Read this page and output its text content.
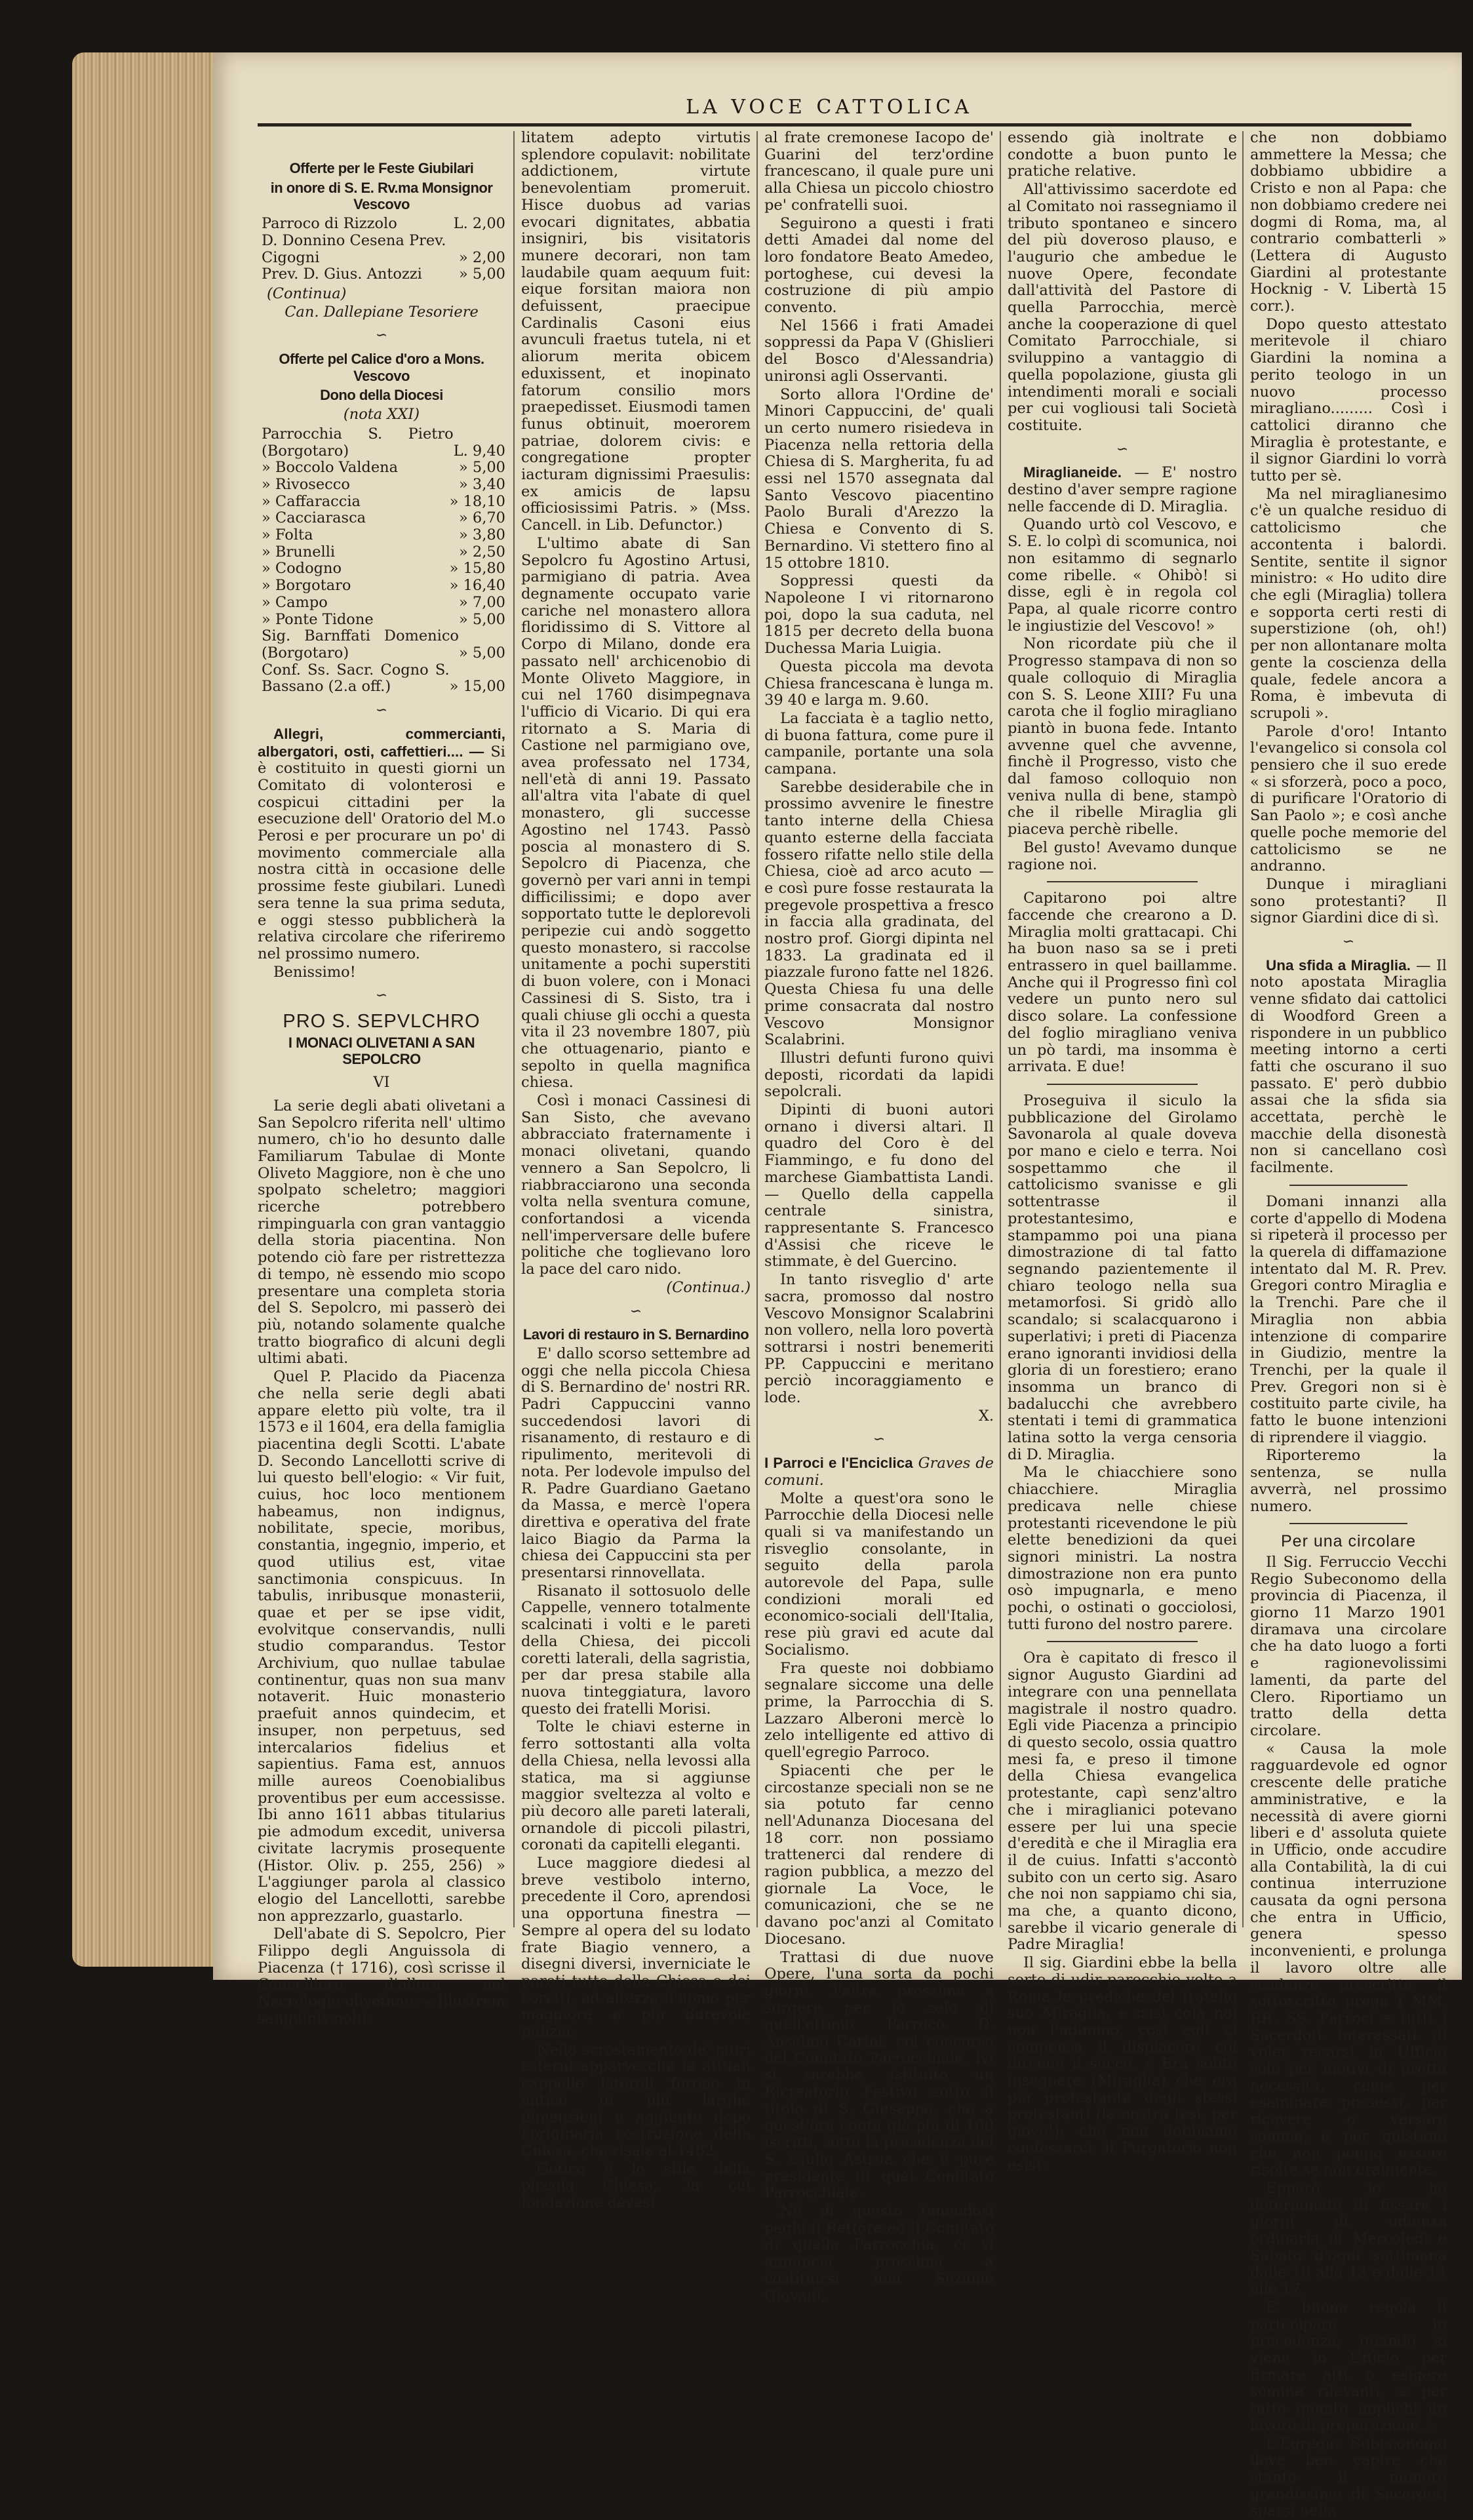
LA VOCE CATTOLICA
Offerte per le Feste Giubilari
in onore di S. E. Rv.ma Monsignor Vescovo
Parroco di Rizzolo	L. 2,00
D. Donnino Cesena Prev.
Cigogni	» 2,00
Prev. D. Gius. Antozzi » 5,00
(Continua)
Can. Dallepiane Tesoriere
∽
Offerte pel Calice d'oro a Mons. Vescovo
Dono della Diocesi
(nota XXI)
Parrocchia S. Pietro (Borgotaro)	L. 9,40
» Boccolo Valdena	» 5,00
» Rivosecco	» 3,40
» Caffaraccia	» 18,10
» Cacciarasca	» 6,70
» Folta	» 3,80
» Brunelli	» 2,50
» Codogno	» 15,80
» Borgotaro	» 16,40
» Campo	» 7,00
» Ponte Tidone	» 5,00
Sig. Barnffati Domenico (Borgotaro)	» 5,00
Conf. Ss. Sacr. Cogno S. Bassano (2.a off.)	» 15,00
∽

Allegri, commercianti, albergatori, osti, caffettieri.... — Si è costituito in questi giorni un Comitato di volonterosi e cospicui cittadini per la esecuzione dell' Oratorio del M.o Perosi e per procurare un po' di movimento commerciale alla nostra città in occasione delle prossime feste giubilari. Lunedì sera tenne la sua prima seduta, e oggi stesso pubblicherà la relativa circolare che riferiremo nel prossimo numero.

Benissimo!

∽
PRO S. SEPVLCHRO
I MONACI OLIVETANI A SAN SEPOLCRO
VI

La serie degli abati olivetani a San Sepolcro riferita nell' ultimo numero, ch'io ho desunto dalle Familiarum Tabulae di Monte Oliveto Maggiore, non è che uno spolpato scheletro; maggiori ricerche potrebbero rimpinguarla con gran vantaggio della storia piacentina. Non potendo ciò fare per ristrettezza di tempo, nè essendo mio scopo presentare una completa storia del S. Sepolcro, mi passerò dei più, notando solamente qualche tratto biografico di alcuni degli ultimi abati.

Quel P. Placido da Piacenza che nella serie degli abati appare eletto più volte, tra il 1573 e il 1604, era della famiglia piacentina degli Scotti. L'abate D. Secondo Lancellotti scrive di lui questo bell'elogio: « Vir fuit, cuius, hoc loco mentionem habeamus, non indignus, nobilitate, specie, moribus, constantia, ingegnio, imperio, et quod utilius est, vitae sanctimonia conspicuus. In tabulis, inribusque monasterii, quae et per se ipse vidit, evolvitque conservandis, nulli studio comparandus. Testor Archivium, quo nullae tabulae continentur, quas non sua manv notaverit. Huic monasterio praefuit annos quindecim, et insuper, non perpetuus, sed intercalarios fidelius et sapientius. Fama est, annuos mille aureos Coenobialibus proventibus per eum accessisse. Ibi anno 1611 abbas titularius pie admodum excedit, universa civitate lacrymis prosequente (Histor. Oliv. p. 255, 256) » L'aggiunger parola al classico elogio del Lancellotti, sarebbe non apprezzarlo, guastarlo.

Dell'abate di S. Sepolcro, Pier Filippo degli Anguissola di Piacenza († 1716), così scrisse il Cancelliere d'allora nel Necrologio olivetano: « Illustrem sanguinis nobi-

litatem adepto virtutis splendore copulavit: nobilitate addictionem, virtute benevolentiam promeruit. Hisce duobus ad varias evocari dignitates, abbatia insigniri, bis visitatoris munere decorari, non tam laudabile quam aequum fuit: eique forsitan maiora non defuissent, praecipue Cardinalis Casoni eius avunculi fraetus tutela, ni et aliorum merita obicem eduxissent, et inopinato fatorum consilio mors praepedisset. Eiusmodi tamen funus obtinuit, moerorem patriae, dolorem civis: e congregatione propter iacturam dignissimi Praesulis: ex amicis de lapsu officiosissimi Patris. » (Mss. Cancell. in Lib. Defunctor.)

L'ultimo abate di San Sepolcro fu Agostino Artusi, parmigiano di patria. Avea degnamente occupato varie cariche nel monastero allora floridissimo di S. Vittore al Corpo di Milano, donde era passato nell' archicenobio di Monte Oliveto Maggiore, in cui nel 1760 disimpegnava l'ufficio di Vicario. Di qui era ritornato a S. Maria di Castione nel parmigiano ove, avea professato nel 1734, nell'età di anni 19. Passato all'altra vita l'abate di quel monastero, gli successe Agostino nel 1743. Passò poscia al monastero di S. Sepolcro di Piacenza, che governò per vari anni in tempi difficilissimi; e dopo aver sopportato tutte le deplorevoli peripezie cui andò soggetto questo monastero, si raccolse unitamente a pochi superstiti di buon volere, con i Monaci Cassinesi di S. Sisto, tra i quali chiuse gli occhi a questa vita il 23 novembre 1807, più che ottuagenario, pianto e sepolto in quella magnifica chiesa.

Così i monaci Cassinesi di San Sisto, che avevano abbracciato fraternamente i monaci olivetani, quando vennero a San Sepolcro, li riabbracciarono una seconda volta nella sventura comune, confortandosi a vicenda nell'imperversare delle bufere politiche che toglievano loro la pace del caro nido.

(Continua.)
∽
Lavori di restauro in S. Bernardino

E' dallo scorso settembre ad oggi che nella piccola Chiesa di S. Bernardino de' nostri RR. Padri Cappuccini vanno succedendosi lavori di risanamento, di restauro e di ripulimento, meritevoli di nota. Per lodevole impulso del R. Padre Guardiano Gaetano da Massa, e mercè l'opera direttiva e operativa del frate laico Biagio da Parma la chiesa dei Cappuccini sta per presentarsi rinnovellata.

Risanato il sottosuolo delle Cappelle, vennero totalmente scalcinati i volti e le pareti della Chiesa, dei piccoli coretti laterali, della sagristia, per dar presa stabile alla nuova tinteggiatura, lavoro questo dei fratelli Morisi.

Tolte le chiavi esterne in ferro sottostanti alla volta della Chiesa, nella levossi alla statica, ma si aggiunse maggior sveltezza al volto e più decoro alle pareti laterali, ornandole di piccoli pilastri, coronati da capitelli eleganti.

Luce maggiore diedesi al breve vestibolo interno, precedente il Coro, aprendosi una opportuna finestra — Sempre al opera del su lodato frate Biagio vennero, a disegni diversi, inverniciate le pareti tutte della Chiesa e dei coretti, ad altezza d'uomo per maggiore e più durevole pulizia.

Nello scrostamento de' muri esterni apparve che le attuali cappelle laterali furono in antico di più larghe dimensioni e aggiunte dopo l'originaria costruzione della Chiesa, che risale al 1462.

Gotico è lo stile della piccola Chiesa, la cui fondazione devesi

al frate cremonese Iacopo de' Guarini del terz'ordine francescano, il quale pure uni alla Chiesa un piccolo chiostro pe' confratelli suoi.

Seguirono a questi i frati detti Amadei dal nome del loro fondatore Beato Amedeo, portoghese, cui devesi la costruzione di più ampio convento.

Nel 1566 i frati Amadei soppressi da Papa V (Ghislieri del Bosco d'Alessandria) unironsi agli Osservanti.

Sorto allora l'Ordine de' Minori Cappuccini, de' quali un certo numero risiedeva in Piacenza nella rettoria della Chiesa di S. Margherita, fu ad essi nel 1570 assegnata dal Santo Vescovo piacentino Paolo Burali d'Arezzo la Chiesa e Convento di S. Bernardino. Vi stettero fino al 15 ottobre 1810.

Soppressi questi da Napoleone I vi ritornarono poi, dopo la sua caduta, nel 1815 per decreto della buona Duchessa Maria Luigia.

Questa piccola ma devota Chiesa francescana è lunga m. 39 40 e larga m. 9.60.

La facciata è a taglio netto, di buona fattura, come pure il campanile, portante una sola campana.

Sarebbe desiderabile che in prossimo avvenire le finestre tanto interne della Chiesa quanto esterne della facciata fossero rifatte nello stile della Chiesa, cioè ad arco acuto — e così pure fosse restaurata la pregevole prospettiva a fresco in faccia alla gradinata, del nostro prof. Giorgi dipinta nel 1833. La gradinata ed il piazzale furono fatte nel 1826. Questa Chiesa fu una delle prime consacrata dal nostro Vescovo Monsignor Scalabrini.

Illustri defunti furono quivi deposti, ricordati da lapidi sepolcrali.

Dipinti di buoni autori ornano i diversi altari. Il quadro del Coro è del Fiammingo, e fu dono del marchese Giambattista Landi. — Quello della cappella centrale sinistra, rappresentante S. Francesco d'Assisi che riceve le stimmate, è del Guercino.

In tanto risveglio d' arte sacra, promosso dal nostro Vescovo Monsignor Scalabrini non vollero, nella loro povertà sottrarsi i nostri benemeriti PP. Cappuccini e meritano perciò incoraggiamento e lode.

X.
∽

I Parroci e l'Enciclica Graves de comuni.

Molte a quest'ora sono le Parrocchie della Diocesi nelle quali si va manifestando un risveglio consolante, in seguito della parola autorevole del Papa, sulle condizioni morali ed economico-sociali dell'Italia, rese più gravi ed acute dal Socialismo.

Fra queste noi dobbiamo segnalare siccome una delle prime, la Parrocchia di S. Lazzaro Alberoni mercè lo zelo intelligente ed attivo di quell'egregio Parroco.

Spiacenti che per le circostanze speciali non se ne sia potuto far cenno nell'Adunanza Diocesana del 18 corr. non possiamo trattenerci dal rendere di ragion pubblica, a mezzo del giornale La Voce, le comunicazioni, che se ne davano poc'anzi al Comitato Diocesano.

Trattasi di due nuove Opere, l'una sorta da pochi giorni, l'altra prossima a sorgere per lo zelo di quell'ottimo Parroco D. Anselmo Carini, col concorso del Comitato Parrocchiale. Ivi si sarebbe istituito un Ricreatorio Festivo sotto il titolo di S. Giuseppe, che a quest'ora conta già più di 100 iscritti, sotto la presidenza del S. Giulio Astrua che è pure presidente di quel Comitato Parrocchiale.

Nè di questo tenendosi paghi il Rettore ed il Comitato di quella Parrocchia, ci si annuncia prossima a costituirsi una Sezione Giovani,

essendo già inoltrate e condotte a buon punto le pratiche relative.

All'attivissimo sacerdote ed al Comitato noi rassegniamo il tributo spontaneo e sincero del più doveroso plauso, e l'augurio che ambedue le nuove Opere, fecondate dall'attività del Pastore di quella Parrocchia, mercè anche la cooperazione di quel Comitato Parrocchiale, si sviluppino a vantaggio di quella popolazione, giusta gli intendimenti morali e sociali per cui vogliousi tali Società costituite.

∽

Miraglianeide. — E' nostro destino d'aver sempre ragione nelle faccende di D. Miraglia.

Quando urtò col Vescovo, e S. E. lo colpì di scomunica, noi non esitammo di segnarlo come ribelle. « Ohibò! si disse, egli è in regola col Papa, al quale ricorre contro le ingiustizie del Vescovo! »

Non ricordate più che il Progresso stampava di non so quale colloquio di Miraglia con S. S. Leone XIII? Fu una carota che il foglio miragliano piantò in buona fede. Intanto avvenne quel che avvenne, finchè il Progresso, visto che dal famoso colloquio non veniva nulla di bene, stampò che il ribelle Miraglia gli piaceva perchè ribelle.

Bel gusto! Avevamo dunque ragione noi.

Capitarono poi altre faccende che crearono a D. Miraglia molti grattacapi. Chi ha buon naso sa se i preti entrassero in quel baillamme. Anche qui il Progresso finì col vedere un punto nero sul disco solare. La confessione del foglio miragliano veniva un pò tardi, ma insomma è arrivata. E due!

Proseguiva il siculo la pubblicazione del Girolamo Savonarola al quale doveva por mano e cielo e terra. Noi sospettammo che il cattolicismo svanisse e gli sottentrasse il protestantesimo, e stampammo poi una piana dimostrazione di tal fatto segnando pazientemente il chiaro teologo nella sua metamorfosi. Si gridò allo scandalo; si scalacquarono i superlativi; i preti di Piacenza erano ignoranti invidiosi della gloria di un forestiero; erano insomma un branco di badalucchi che avrebbero stentati i temi di grammatica latina sotto la verga censoria di D. Miraglia.

Ma le chiacchiere sono chiacchiere. Miraglia predicava nelle chiese protestanti ricevendone le più elette benedizioni da quei signori ministri. La nostra dimostrazione non era punto osò impugnarla, e meno pochi, o ostinati o gocciolosi, tutti furono del nostro parere.

Ora è capitato di fresco il signor Augusto Giardini ad integrare con una pennellata magistrale il nostro quadro. Egli vide Piacenza a principio di questo secolo, ossia quattro mesi fa, e preso il timone della Chiesa evangelica protestante, capì senz'altro che i miraglianici potevano essere per lui una specie d'eredità e che il Miraglia era il de cuius. Infatti s'accontò subito con un certo sig. Asaro che noi non sappiamo chi sia, ma che, a quanto dicono, sarebbe il vicario generale di Padre Miraglia!

Il sig. Giardini ebbe la bella sorte di udir parecchie volte a Roma le prediche del fratello suo Miraglia, e così colà noi non l'udimmo, così egli ci compensa il dispiacere col dircene il succo. « Era solito insegnare (Miraglia) che era più protestante degli stessi protestanti (la nostra tesi, per giove!): che non dobbiamo confessarci; il Purgatorio non esist-

che non dobbiamo ammettere la Messa; che dobbiamo ubbidire a Cristo e non al Papa: che non dobbiamo credere nei dogmi di Roma, ma, al contrario combatterli » (Lettera di Augusto Giardini al protestante Hocknig - V. Libertà 15 corr.).

Dopo questo attestato meritevole il chiaro Giardini la nomina a perito teologo in un nuovo processo miragliano......... Così i cattolici diranno che Miraglia è protestante, e il signor Giardini lo vorrà tutto per sè.

Ma nel miraglianesimo c'è un qualche residuo di cattolicismo che accontenta i balordi. Sentite, sentite il signor ministro: « Ho udito dire che egli (Miraglia) tollera e sopporta certi resti di superstizione (oh, oh!) per non allontanare molta gente la coscienza della quale, fedele ancora a Roma, è imbevuta di scrupoli ».

Parole d'oro! Intanto l'evangelico si consola col pensiero che il suo erede « si sforzerà, poco a poco, di purificare l'Oratorio di San Paolo »; e così anche quelle poche memorie del cattolicismo se ne andranno.

Dunque i miragliani sono protestanti? Il signor Giardini dice di sì.

∽

Una sfida a Miraglia. — Il noto apostata Miraglia venne sfidato dai cattolici di Woodford Green a rispondere in un pubblico meeting intorno a certi fatti che oscurano il suo passato. E' però dubbio assai che la sfida sia accettata, perchè le macchie della disonestà non si cancellano così facilmente.

Domani innanzi alla corte d'appello di Modena si ripeterà il processo per la querela di diffamazione intentato dal M. R. Prev. Gregori contro Miraglia e la Trenchi. Pare che il Miraglia non abbia intenzione di comparire in Giudizio, mentre la Trenchi, per la quale il Prev. Gregori non si è costituito parte civile, ha fatto le buone intenzioni di riprendere il viaggio.

Riporteremo la sentenza, se nulla avverrà, nel prossimo numero.

Per una circolare

Il Sig. Ferruccio Vecchi Regio Subeconomo della provincia di Piacenza, il giorno 11 Marzo 1901 diramava una circolare che ha dato luogo a forti e ragionevolissimi lamenti, da parte del Clero. Riportiamo un tratto della detta circolare.

« Causa la mole ragguardevole ed ognor crescente delle pratiche amministrative, e la necessità di avere giorni liberi e d' assoluta quiete in Ufficio, onde accudire alla Contabilità, la di cui continua interruzione causata da ogni persona che entra in Ufficio, genera spesso inconvenienti, e prolunga il lavoro oltre alle scadenze prescritte, il sottoscritto prega i MM. RR. SS. Parroci e tutti i Sacerdoti interessati di voler recarsi in Ufficio solo per motivi di pretta necessità, come per esaminare possessi, per ricevere o versare somme, e per quistioni che non ponno essere risolte se non oralmente.

Epperò io ho determinato di fissare i giorni di udienza ordinaria di Mercoledì e Sabato d'ogni settimana dalle 10 alla 13 e dalle 14 alle 17.

E' buona regola il partecipare in precedenza, quando si viene in Ufficio per firmare atti o esigere somme rilevanti, e per tutto quanto implichi un lavoro di preparazione. »

L'Egregio Subeconomo deve ben capire che stante il numero grandissimo di Sacerdoti sparsi nella
